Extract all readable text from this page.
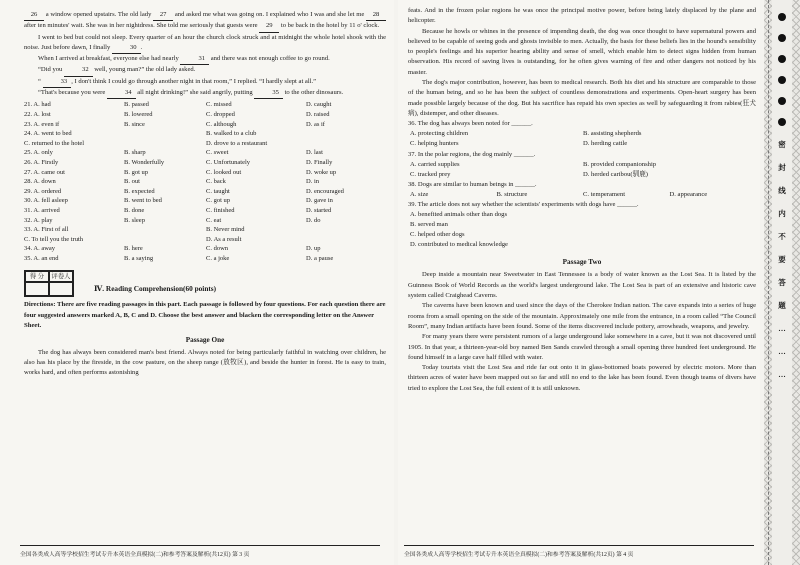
26 a window opened upstairs. The old lady 27 and asked me what was going on. I explained who I was and she let me 28 after ten minutes' wait. She was in her nightdress. She told me seriously that guests were 29 to be back in the hotel by 11 o' clock.

I went to bed but could not sleep. Every quarter of an hour the church clock struck and at midnight the whole hotel shook with the noise. Just before dawn, I finally	30 .

When I arrived at breakfast, everyone else had nearly	31 and there was not enough coffee to go round.

“Did you	32 well, young man?” the old lady asked.

“	33 , I don't think I could go through another night in that room,” I replied. “I hardly slept at all.”

“That's because you were	34 all night drinking!” she said angrily, putting	35 to the other dinosaurs.

21. A. had	B. passed	C. missed	D. caught
22. A. lost	B. lowered	C. dropped	D. raised
23. A. even if	B. since	C. although	D. as if
24. A. went to bed		B. walked to a club	
C. returned to the hotel		D. drove to a restaurant	
25. A. only	B. sharp	C. sweet	D. last
26. A. Firstly	B. Wonderfully	C. Unfortunately	D. Finally
27. A. came out	B. got up	C. looked out	D. woke up
28. A. down	B. out	C. back	D. in
29. A. ordered	B. expected	C. taught	D. encouraged
30. A. fell asleep	B. went to bed	C. got up	D. gave in
31. A. arrived	B. done	C. finished	D. started
32. A. play	B. sleep	C. eat	D. do
33. A. First of all		B. Never mind	
C. To tell you the truth		D. As a result	
34. A. away	B. here	C. down	D. up
35. A. an end	B. a saying	C. a joke	D. a pause
得 分	评卷人
Ⅳ. Reading Comprehension(60 points)

Directions: There are five reading passages in this part. Each passage is followed by four questions. For each question there are four suggested answers marked A, B, C and D. Choose the best answer and blacken the corresponding letter on the Answer Sheet.

Passage One

The dog has always been considered man's best friend. Always noted for being particularly faithful in watching over children, he also has his place by the fireside, in the cow pasture, on the sheep range (放牧区), and beside the hunter in forest. He is easy to train, works hard, and often performs astonishing

全国各类成人高等学校招生考试专升本英语全真模拟(二)和参考答案及解析(共12页) 第 3 页

feats. And in the frozen polar regions he was once the principal motive power, before being lately displaced by the plane and helicopter.

Because he howls or whines in the presence of impending death, the dog was once thought to have supernatural powers and believed to be capable of seeing gods and ghosts invisible to men. Actually, the basis for these beliefs lies in the hound's sensibility to people's feelings and his superior hearing ability and sense of smell, which enable him to detect signs hidden from human observation. His record of saving lives is outstanding, for he often gives warning of fire and other dangers not noticed by his master.

The dog's major contribution, however, has been to medical research. Both his diet and his structure are comparable to those of the human being, and so he has been the subject of countless demonstrations and experiments. Open-heart surgery has been made possible largely because of the dog. But his sacrifice has repaid his own species as well by safeguarding it from rabies(狂犬病), distemper, and other diseases.

36. The dog has always been noted for ______.
A. protecting children	B. assisting shepherds
C. helping hunters	D. herding cattle
37. In the polar regions, the dog mainly ______.
A. carried supplies	B. provided companionship
C. tracked prey	D. herded caribou(驯鹿)
38. Dogs are similar to human beings in ______.
A. size	B. structure	C. temperament	D. appearance
39. The article does not say whether the scientists' experiments with dogs have ______.
A. benefited animals other than dogs
B. served man
C. helped other dogs
D. contributed to medical knowledge
Passage Two

Deep inside a mountain near Sweetwater in East Tennessee is a body of water known as the Lost Sea. It is listed by the Guinness Book of World Records as the world's largest underground lake. The Lost Sea is part of an extensive and historic cave system called Craighead Caverns.

The caverns have been known and used since the days of the Cherokee Indian nation. The cave expands into a series of huge rooms from a small opening on the side of the mountain. Approximately one mile from the entrance, in a room called “The Council Room”, many Indian artifacts have been found. Some of the items discovered include pottery, arrowheads, weapons, and jewelry.

For many years there were persistent rumors of a large underground lake somewhere in a cave, but it was not discovered until 1905. In that year, a thirteen-year-old boy named Ben Sands crawled through a small opening three hundred feet underground. He found himself in a large cave half filled with water.

Today tourists visit the Lost Sea and ride far out onto it in glass-bottomed boats powered by electric motors. More than thirteen acres of water have been mapped out so far and still no end to the lake has been found. Even though teams of divers have tried to explore the Lost Sea, the full extent of it is still unknown.

全国各类成人高等学校招生考试专升本英语全真模拟(二)和参考答案及解析(共12页) 第 4 页
密
封
线
内
不
要
答
题
…
…
…
